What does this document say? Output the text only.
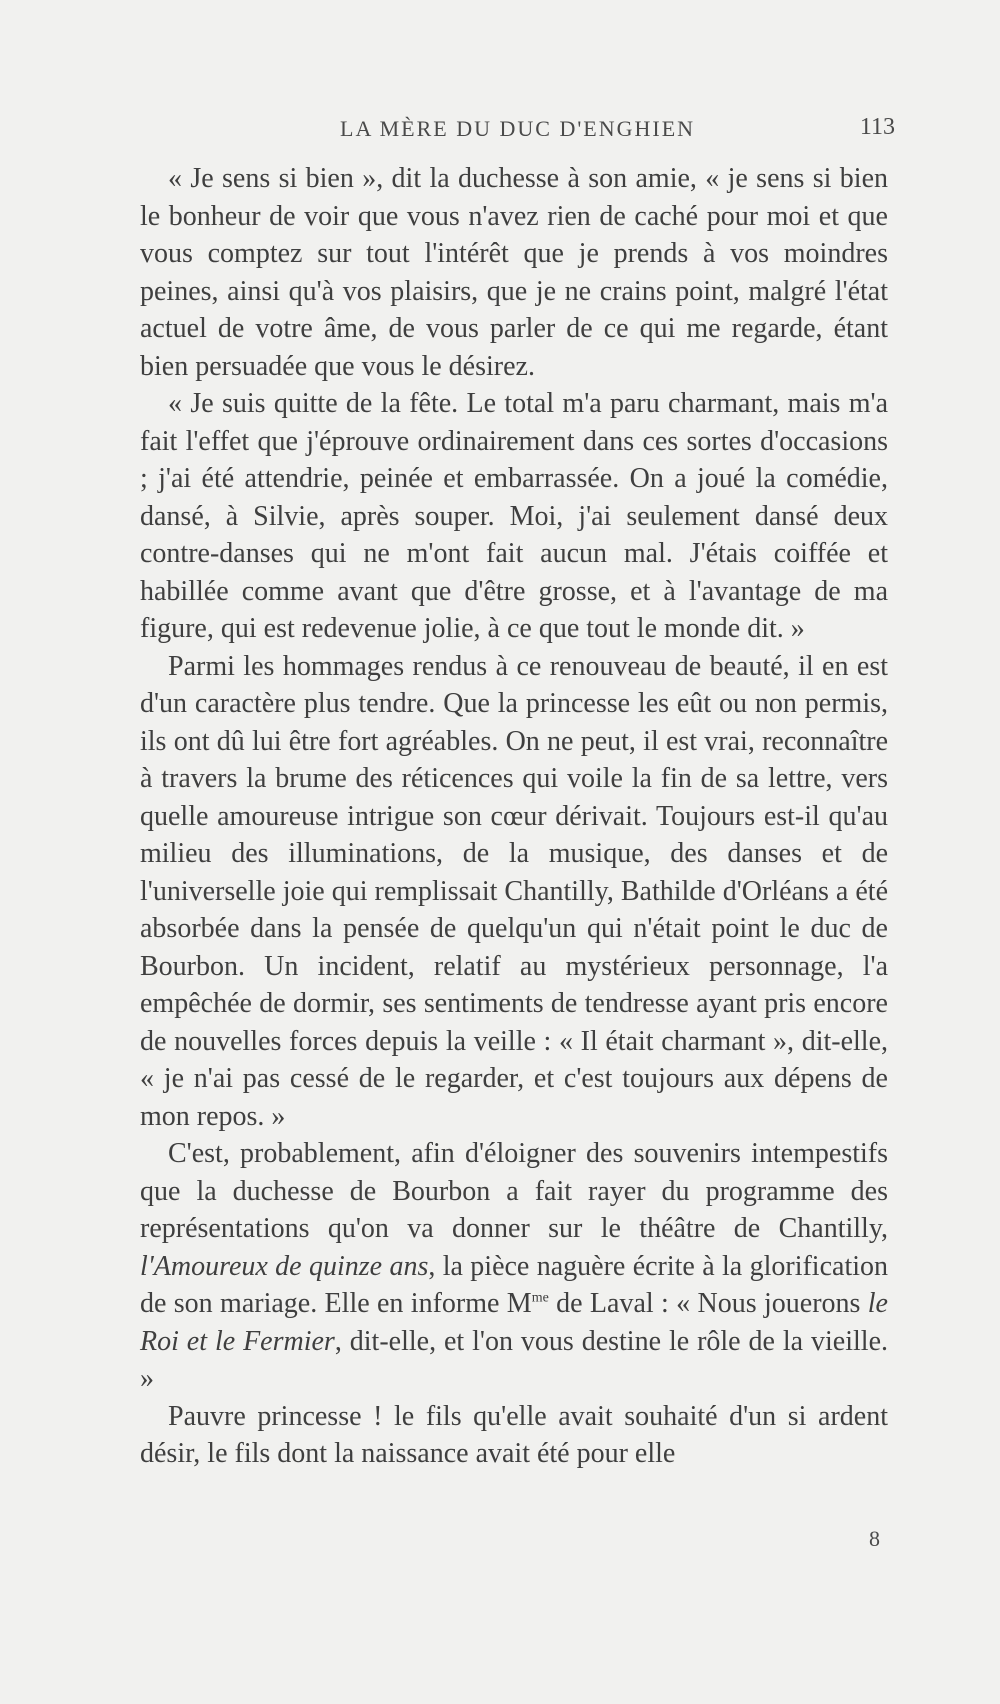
LA MÈRE DU DUC D'ENGHIEN	113

« Je sens si bien », dit la duchesse à son amie, « je sens si bien le bonheur de voir que vous n'avez rien de caché pour moi et que vous comptez sur tout l'intérêt que je prends à vos moindres peines, ainsi qu'à vos plaisirs, que je ne crains point, malgré l'état actuel de votre âme, de vous parler de ce qui me regarde, étant bien persuadée que vous le désirez.

« Je suis quitte de la fête. Le total m'a paru charmant, mais m'a fait l'effet que j'éprouve ordinairement dans ces sortes d'occasions ; j'ai été attendrie, peinée et embarrassée. On a joué la comédie, dansé, à Silvie, après souper. Moi, j'ai seulement dansé deux contre-danses qui ne m'ont fait aucun mal. J'étais coiffée et habillée comme avant que d'être grosse, et à l'avantage de ma figure, qui est redevenue jolie, à ce que tout le monde dit. »

Parmi les hommages rendus à ce renouveau de beauté, il en est d'un caractère plus tendre. Que la princesse les eût ou non permis, ils ont dû lui être fort agréables. On ne peut, il est vrai, reconnaître à travers la brume des réticences qui voile la fin de sa lettre, vers quelle amoureuse intrigue son cœur dérivait. Toujours est-il qu'au milieu des illuminations, de la musique, des danses et de l'universelle joie qui remplissait Chantilly, Bathilde d'Orléans a été absorbée dans la pensée de quelqu'un qui n'était point le duc de Bourbon. Un incident, relatif au mystérieux personnage, l'a empêchée de dormir, ses sentiments de tendresse ayant pris encore de nouvelles forces depuis la veille : « Il était charmant », dit-elle, « je n'ai pas cessé de le regarder, et c'est toujours aux dépens de mon repos. »

C'est, probablement, afin d'éloigner des souvenirs intempestifs que la duchesse de Bourbon a fait rayer du programme des représentations qu'on va donner sur le théâtre de Chantilly, l'Amoureux de quinze ans, la pièce naguère écrite à la glorification de son mariage. Elle en informe $M^{me}$ de Laval : « Nous jouerons le Roi et le Fermier, dit-elle, et l'on vous destine le rôle de la vieille. »

Pauvre princesse ! le fils qu'elle avait souhaité d'un si ardent désir, le fils dont la naissance avait été pour elle

8
